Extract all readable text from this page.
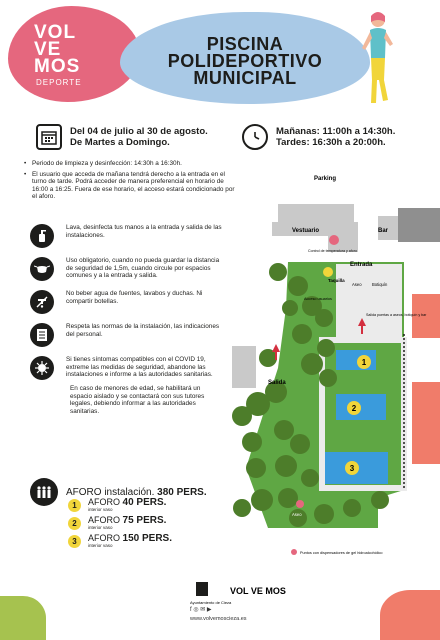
VOL
VE
MOS
DEPORTE
PISCINA
POLIDEPORTIVO
MUNICIPAL
Del 04 de julio al 30 de agosto.
De Martes a Domingo.
Mañanas: 11:00h a 14:30h.
Tardes: 16:30h a 20:00h.
• Periodo de limpieza y desinfección: 14:30h a 16:30h.
• El usuario que acceda de mañana tendrá derecho a la entrada en el turno de tarde. Podrá acceder de manera preferencial en horario de 16:00 a 16:25. Fuera de ese horario, el acceso estará condicionado por el aforo.
Lava, desinfecta tus manos a la entrada y salida de las instalaciones.
Uso obligatorio, cuando no pueda guardar la distancia de seguridad de 1,5m, cuando circule por espacios comunes y a la entrada y salida.
No beber agua de fuentes, lavabos y duchas. Ni compartir botellas.
Respeta las normas de la instalación, las indicaciones del personal.
Si tienes síntomas compatibles con el COVID 19, extreme las medidas de seguridad, abandone las instalaciones e informe a las autoridades sanitarias.
En caso de menores de edad, se habilitará un espacio aislado y se contactará con sus tutores legales, debiendo informar a las autoridades sanitarias.
AFORO instalación. 380 PERS.
1	AFORO 40 PERS.
interior vaso
2	AFORO 75 PERS.
interior vaso
3	AFORO 150 PERS.
interior vaso
1
2
3
Parking
Vestuario	Bar
Control de temperatura y aforo
Entrada
Taquilla
Aseo Botiquín
Acceso usuarios
Salida puertas a aseos, botiquín y bar
Salida
Aseo
Puntos con dispensadores de gel hidroalcohólico
Ayuntamiento de Cieza
VOL VE MOS
f ◎ ✉ ▶
www.volvemoscieza.es
